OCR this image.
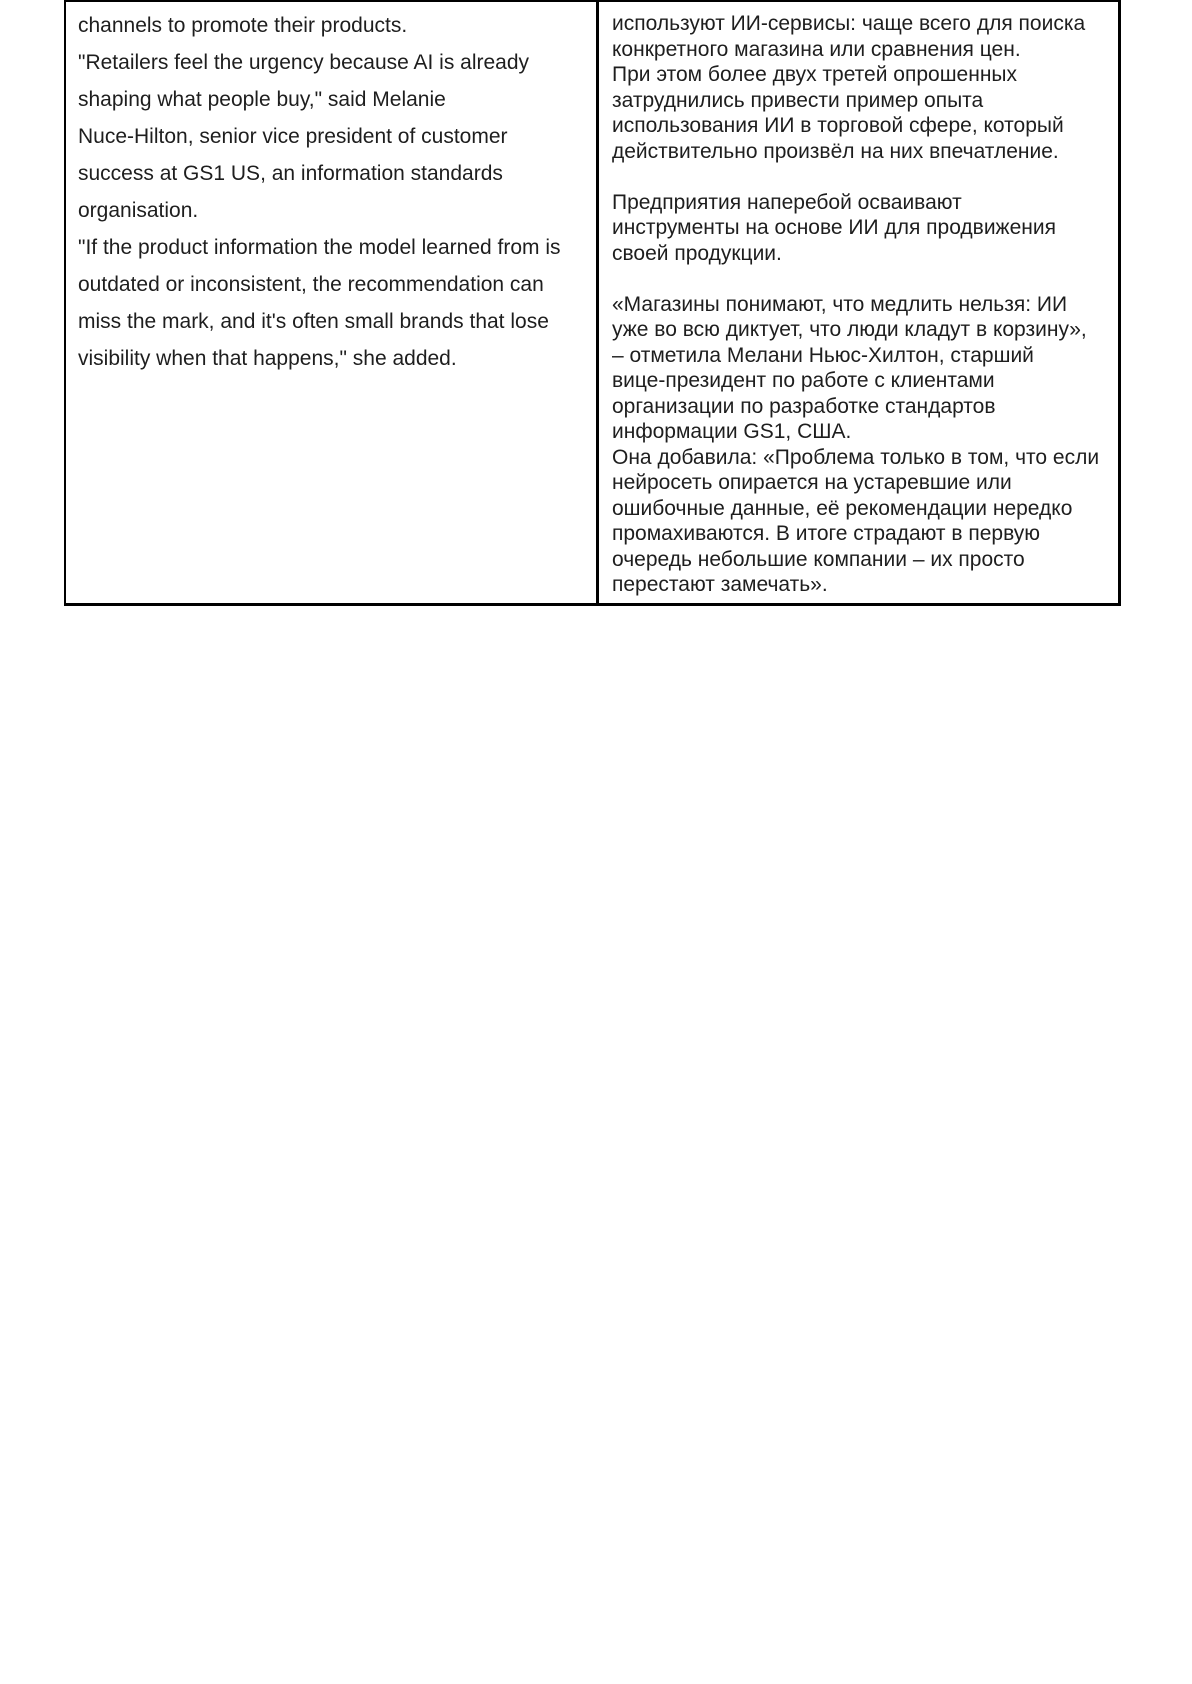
channels to promote their products.
"Retailers feel the urgency because AI is already
shaping what people buy," said Melanie
Nuce-Hilton, senior vice president of customer
success at GS1 US, an information standards
organisation.
"If the product information the model learned from is
outdated or inconsistent, the recommendation can
miss the mark, and it's often small brands that lose
visibility when that happens," she added.
используют ИИ-сервисы: чаще всего для поиска
конкретного магазина или сравнения цен.
При этом более двух третей опрошенных
затруднились привести пример опыта
использования ИИ в торговой сфере, который
действительно произвёл на них впечатление.
Предприятия наперебой осваивают
инструменты на основе ИИ для продвижения
своей продукции.
«Магазины понимают, что медлить нельзя: ИИ
уже во всю диктует, что люди кладут в корзину»,
– отметила Мелани Ньюс-Хилтон, старший
вице-президент по работе с клиентами
организации по разработке стандартов
информации GS1, США.
Она добавила: «Проблема только в том, что если
нейросеть опирается на устаревшие или
ошибочные данные, её рекомендации нередко
промахиваются. В итоге страдают в первую
очередь небольшие компании – их просто
перестают замечать».
